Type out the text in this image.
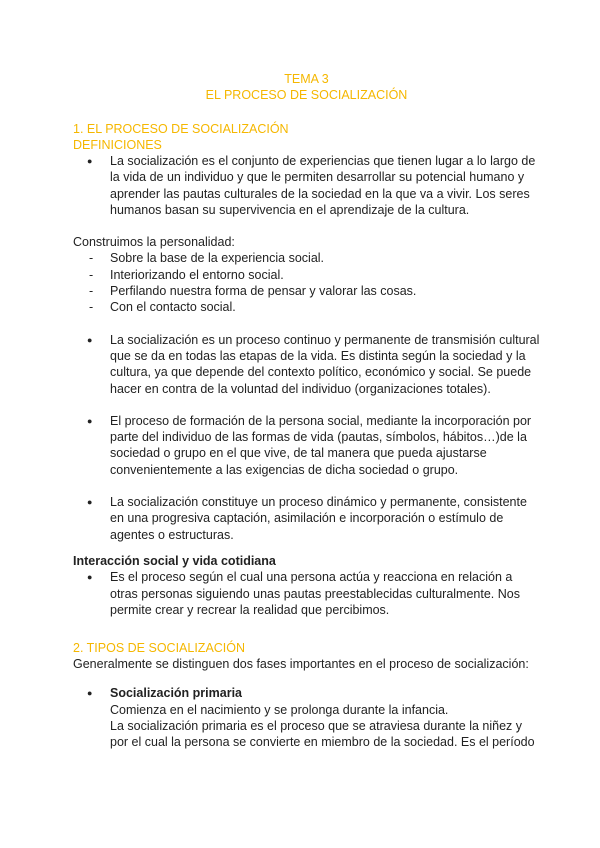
TEMA 3
EL PROCESO DE SOCIALIZACIÓN
1. EL PROCESO DE SOCIALIZACIÓN
DEFINICIONES
● La socialización es el conjunto de experiencias que tienen lugar a lo largo de la vida de un individuo y que le permiten desarrollar su potencial humano y aprender las pautas culturales de la sociedad en la que va a vivir. Los seres humanos basan su supervivencia en el aprendizaje de la cultura.

Construimos la personalidad:

- Sobre la base de la experiencia social.
- Interiorizando el entorno social.
- Perfilando nuestra forma de pensar y valorar las cosas.
- Con el contacto social.
● La socialización es un proceso continuo y permanente de transmisión cultural que se da en todas las etapas de la vida. Es distinta según la sociedad y la cultura, ya que depende del contexto político, económico y social. Se puede hacer en contra de la voluntad del individuo (organizaciones totales).
● El proceso de formación de la persona social, mediante la incorporación por parte del individuo de las formas de vida (pautas, símbolos, hábitos…)de la sociedad o grupo en el que vive, de tal manera que pueda ajustarse convenientemente a las exigencias de dicha sociedad o grupo.
● La socialización constituye un proceso dinámico y permanente, consistente en una progresiva captación, asimilación e incorporación o estímulo de agentes o estructuras.

Interacción social y vida cotidiana

● Es el proceso según el cual una persona actúa y reacciona en relación a otras personas siguiendo unas pautas preestablecidas culturalmente. Nos permite crear y recrear la realidad que percibimos.
2. TIPOS DE SOCIALIZACIÓN

Generalmente se distinguen dos fases importantes en el proceso de socialización:

● Socialización primaria
Comienza en el nacimiento y se prolonga durante la infancia.
La socialización primaria es el proceso que se atraviesa durante la niñez y por el cual la persona se convierte en miembro de la sociedad. Es el período
